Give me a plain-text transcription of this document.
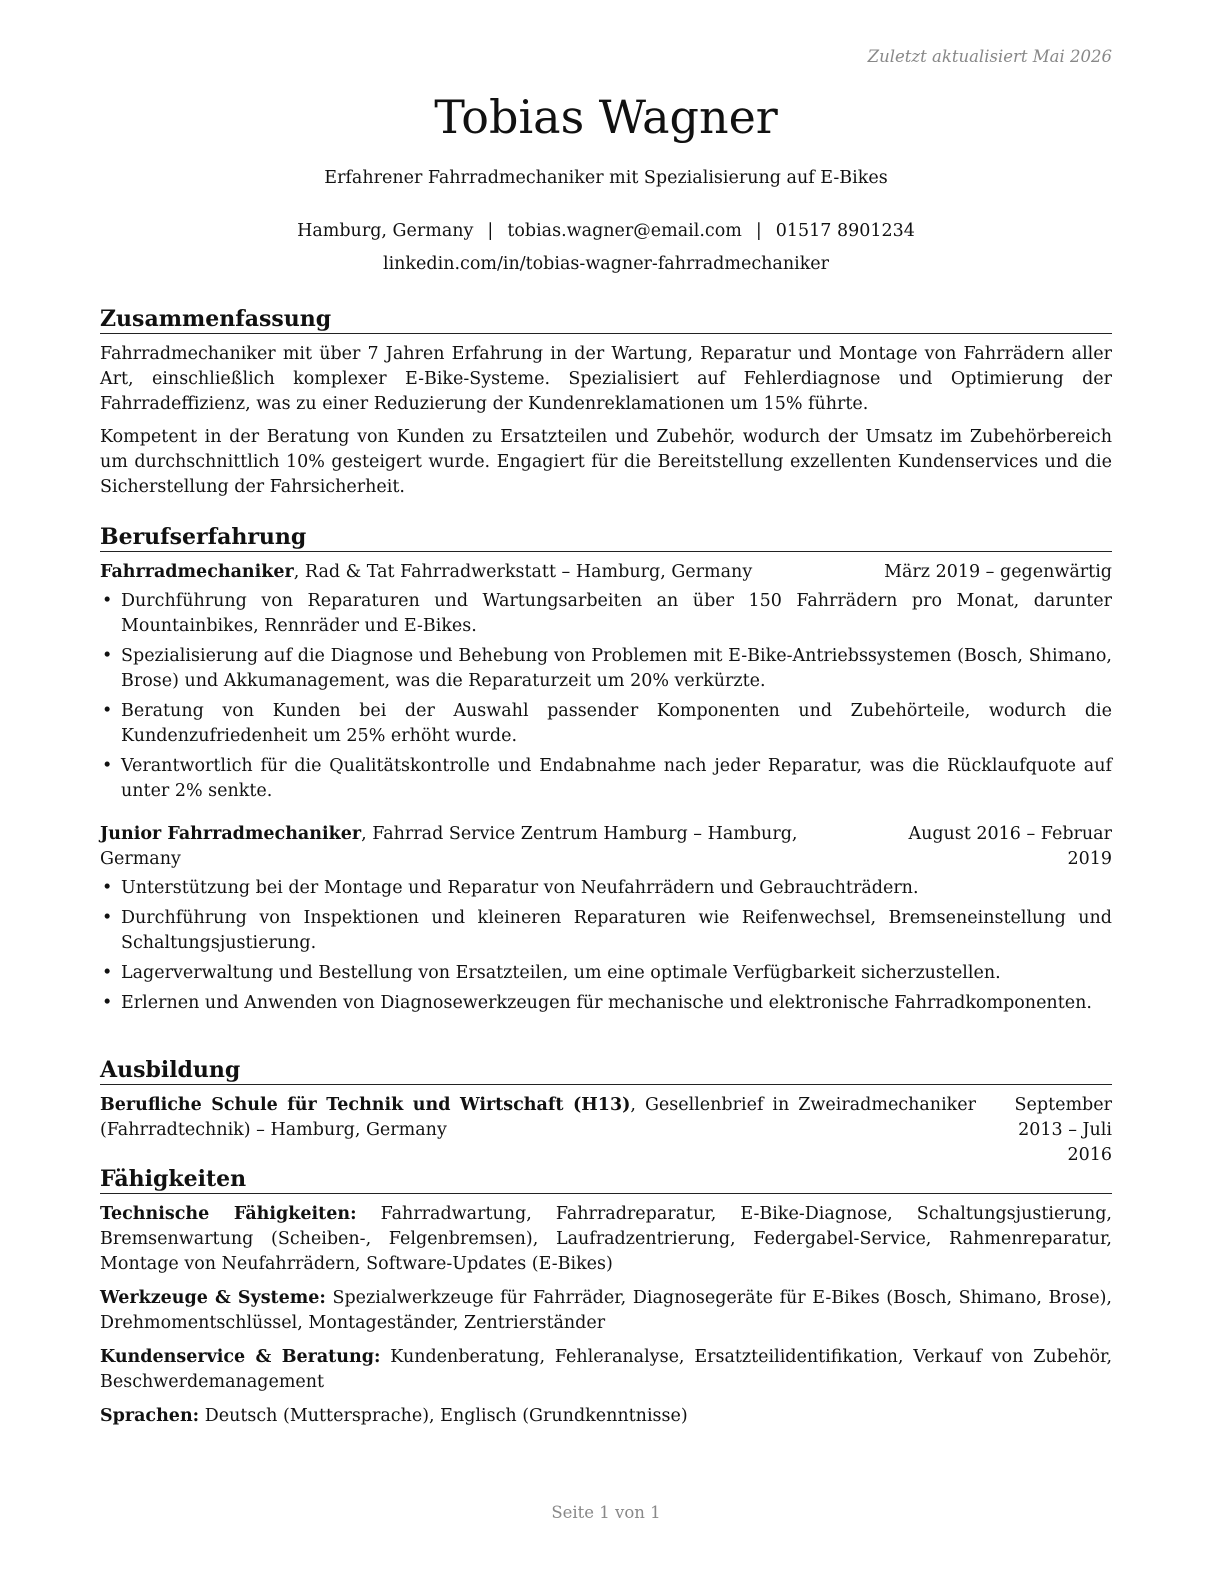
Zuletzt aktualisiert Mai 2026
Tobias Wagner
Erfahrener Fahrradmechaniker mit Spezialisierung auf E-Bikes
Hamburg, Germany | tobias.wagner@email.com | 01517 8901234
linkedin.com/in/tobias-wagner-fahrradmechaniker
Zusammenfassung

Fahrradmechaniker mit über 7 Jahren Erfahrung in der Wartung, Reparatur und Montage von Fahrrädern aller Art, einschließlich komplexer E-Bike-Systeme. Spezialisiert auf Fehlerdiagnose und Optimierung der Fahrradeffizienz, was zu einer Reduzierung der Kundenreklamationen um 15% führte.

Kompetent in der Beratung von Kunden zu Ersatzteilen und Zubehör, wodurch der Umsatz im Zubehörbereich um durchschnittlich 10% gesteigert wurde. Engagiert für die Bereitstellung exzellenten Kundenservices und die Sicherstellung der Fahrsicherheit.

Berufserfahrung
Fahrradmechaniker, Rad & Tat Fahrradwerkstatt – Hamburg, Germany	März 2019 – gegenwärtig
• Durchführung von Reparaturen und Wartungsarbeiten an über 150 Fahrrädern pro Monat, darunter Mountainbikes, Rennräder und E-Bikes.
• Spezialisierung auf die Diagnose und Behebung von Problemen mit E-Bike-Antriebssystemen (Bosch, Shimano, Brose) und Akkumanagement, was die Reparaturzeit um 20% verkürzte.
• Beratung von Kunden bei der Auswahl passender Komponenten und Zubehörteile, wodurch die Kundenzufriedenheit um 25% erhöht wurde.
• Verantwortlich für die Qualitätskontrolle und Endabnahme nach jeder Reparatur, was die Rücklaufquote auf unter 2% senkte.
Junior Fahrradmechaniker, Fahrrad Service Zentrum Hamburg – Hamburg, Germany
August 2016 – Februar 2019
• Unterstützung bei der Montage und Reparatur von Neufahrrädern und Gebrauchträdern.
• Durchführung von Inspektionen und kleineren Reparaturen wie Reifenwechsel, Bremseneinstellung und Schaltungsjustierung.
• Lagerverwaltung und Bestellung von Ersatzteilen, um eine optimale Verfügbarkeit sicherzustellen.
• Erlernen und Anwenden von Diagnosewerkzeugen für mechanische und elektronische Fahrradkomponenten.
Ausbildung
Berufliche Schule für Technik und Wirtschaft (H13), Gesellenbrief in Zweiradmechaniker (Fahrradtechnik) – Hamburg, Germany
September 2013 – Juli 2016
Fähigkeiten
Technische Fähigkeiten: Fahrradwartung, Fahrradreparatur, E-Bike-Diagnose, Schaltungsjustierung, Bremsenwartung (Scheiben-, Felgenbremsen), Laufradzentrierung, Federgabel-Service, Rahmenreparatur, Montage von Neufahrrädern, Software-Updates (E-Bikes)
Werkzeuge & Systeme: Spezialwerkzeuge für Fahrräder, Diagnosegeräte für E-Bikes (Bosch, Shimano, Brose), Drehmomentschlüssel, Montageständer, Zentrierständer
Kundenservice & Beratung: Kundenberatung, Fehleranalyse, Ersatzteilidentifikation, Verkauf von Zubehör, Beschwerdemanagement
Sprachen: Deutsch (Muttersprache), Englisch (Grundkenntnisse)
Seite 1 von 1
